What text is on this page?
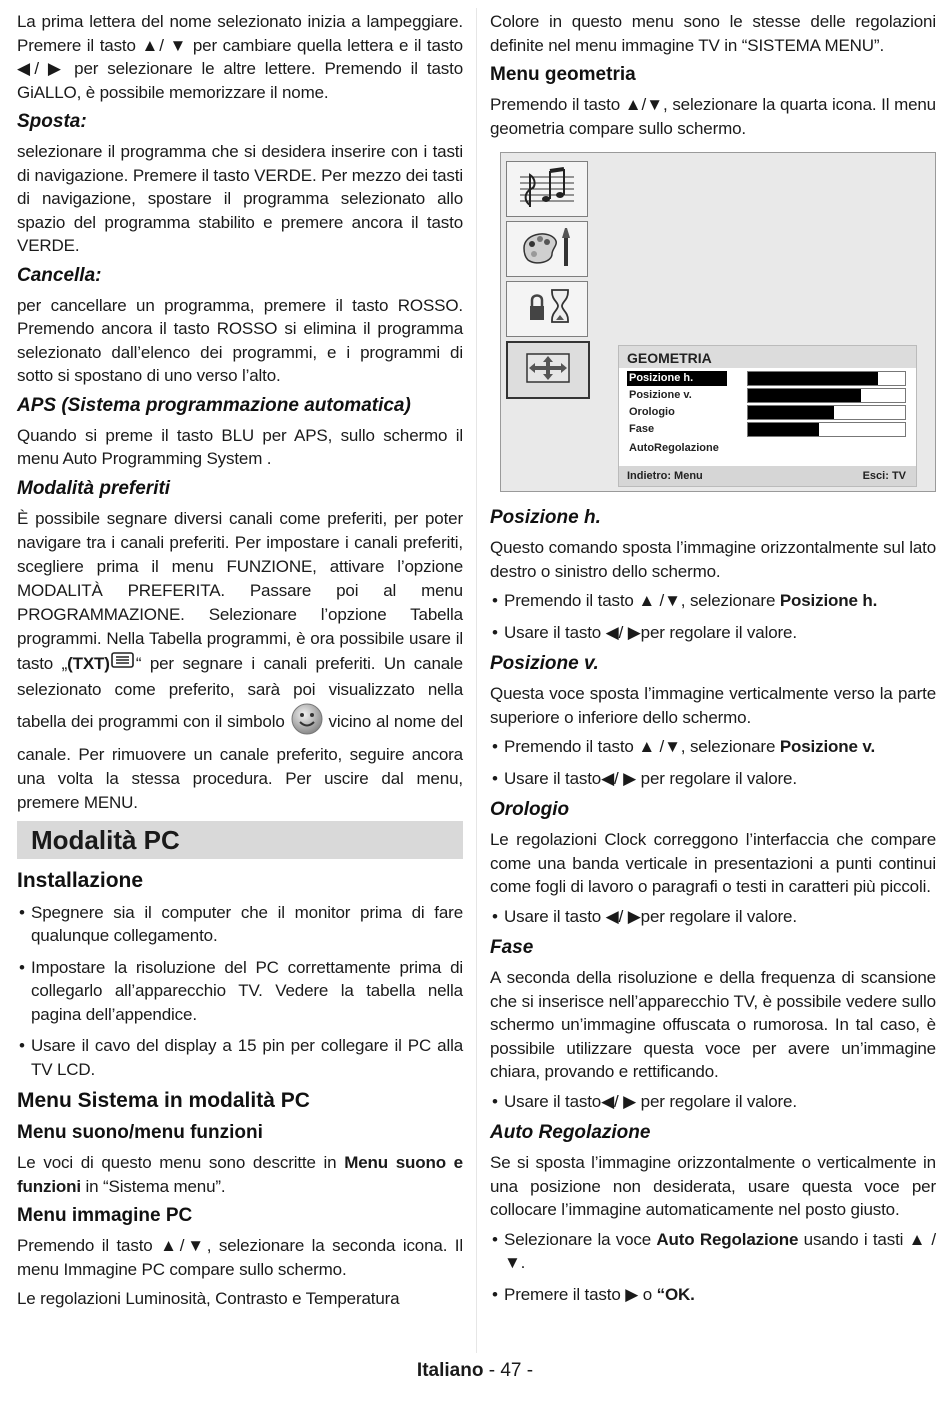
La prima lettera del nome selezionato inizia a lampeggiare. Premere il tasto ▲/ ▼ per cambiare quella lettera e il tasto ◀/ ▶ per selezionare le altre lettere. Premendo il tasto GiALLO, è possibile memorizzare il nome.

Sposta:

selezionare il programma che si desidera inserire con i tasti di navigazione. Premere il tasto VERDE. Per mezzo dei tasti di navigazione, spostare il programma selezionato allo spazio del programma stabilito e premere ancora il tasto VERDE.

Cancella:

per cancellare un programma, premere il tasto ROSSO. Premendo ancora il tasto ROSSO si elimina il programma selezionato dall’elenco dei programmi, e i programmi di sotto si spostano di uno verso l’alto.

APS (Sistema programmazione automatica)

Quando si preme il tasto BLU per APS, sullo schermo il menu Auto Programming System .

Modalità preferiti

È possibile segnare diversi canali come preferiti, per poter navigare tra i canali preferiti. Per impostare i canali preferiti, scegliere prima il menu FUNZIONE, attivare l’opzione MODALITÀ PREFERITA. Passare poi al menu PROGRAMMAZIONE. Selezionare l’opzione Tabella programmi. Nella Tabella programmi, è ora possibile usare il tasto „(TXT) “ per segnare i canali preferiti. Un canale selezionato come preferito, sarà poi visualizzato nella tabella dei programmi con il simbolo	vicino al nome del canale. Per rimuovere un canale preferito, seguire ancora una volta la stessa procedura. Per uscire dal menu, premere MENU.

Modalità PC
Installazione
• Spegnere sia il computer che il monitor prima di fare qualunque collegamento.
• Impostare la risoluzione del PC correttamente prima di collegarlo all’apparecchio TV. Vedere la tabella nella pagina dell’appendice.
• Usare il cavo del display a 15 pin per collegare il PC alla TV LCD.
Menu Sistema in modalità PC
Menu suono/menu funzioni

Le voci di questo menu sono descritte in Menu suono e funzioni in “Sistema menu”.

Menu immagine PC

Premendo il tasto ▲/▼, selezionare la seconda icona. Il menu Immagine PC compare sullo schermo.

Le regolazioni Luminosità, Contrasto e Temperatura

Colore in questo menu sono le stesse delle regolazioni definite nel menu immagine TV in “SISTEMA MENU”.

Menu geometria

Premendo il tasto ▲/▼, selezionare la quarta icona. Il menu geometria compare sullo schermo.

GEOMETRIA
Posizione h.
Posizione v.
Orologio
Fase
AutoRegolazione
Indietro: Menu	Esci: TV
Posizione h.

Questo comando sposta l’immagine orizzontalmente sul lato destro o sinistro dello schermo.

• Premendo il tasto ▲ /▼, selezionare Posizione h.
• Usare il tasto ◀/ ▶per regolare il valore.
Posizione v.

Questa voce sposta l’immagine verticalmente verso la parte superiore o inferiore dello schermo.

• Premendo il tasto ▲ /▼, selezionare Posizione v.
• Usare il tasto◀/ ▶ per regolare il valore.
Orologio

Le regolazioni Clock correggono l’interfaccia che compare come una banda verticale in presentazioni a punti continui come fogli di lavoro o paragrafi o testi in caratteri più piccoli.

• Usare il tasto ◀/ ▶per regolare il valore.
Fase

A seconda della risoluzione e della frequenza di scansione che si inserisce nell’apparecchio TV, è possibile vedere sullo schermo un’immagine offuscata o rumorosa. In tal caso, è possibile utilizzare questa voce per avere un’immagine chiara, provando e rettificando.

• Usare il tasto◀/ ▶ per regolare il valore.
Auto Regolazione

Se si sposta l’immagine orizzontalmente o verticalmente in una posizione non desiderata, usare questa voce per collocare l’immagine automaticamente nel posto giusto.

• Selezionare la voce Auto Regolazione usando i tasti ▲ / ▼.
• Premere il tasto ▶ o “OK.
Italiano - 47 -
